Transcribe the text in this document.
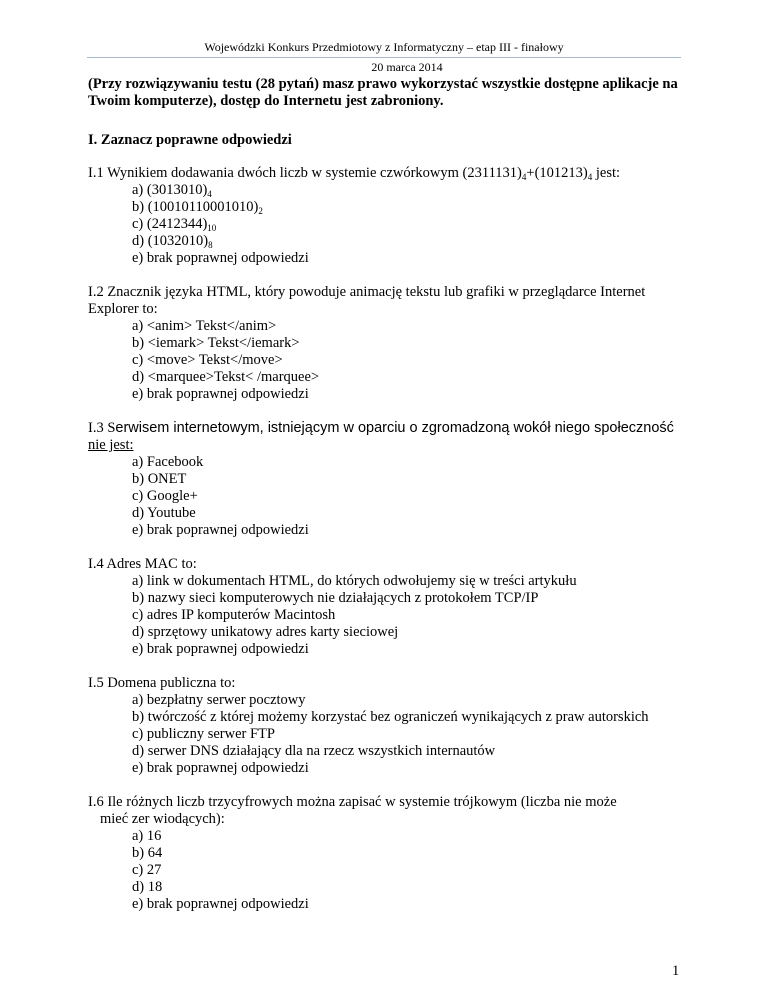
Wojewódzki Konkurs Przedmiotowy z Informatyczny – etap III - finałowy
20 marca 2014

(Przy rozwiązywaniu testu (28 pytań) masz prawo wykorzystać wszystkie dostępne aplikacje na Twoim komputerze), dostęp do Internetu jest zabroniony.

I. Zaznacz poprawne odpowiedzi

I.1 Wynikiem dodawania dwóch liczb w systemie czwórkowym $(2311131)_4+(101213)_4$ jest:

a) $(3013010)_4$
b) $(10010110001010)_2$
c) $(2412344)_{10}$
d) $(1032010)_8$
e) brak poprawnej odpowiedzi

I.2 Znacznik języka HTML, który powoduje animację tekstu lub grafiki w przeglądarce Internet Explorer to:

a) <anim> Tekst</anim>
b) <iemark> Tekst</iemark>
c) <move> Tekst</move>
d) <marquee>Tekst< /marquee>
e) brak poprawnej odpowiedzi

I.3 Serwisem internetowym, istniejącym w oparciu o zgromadzoną wokół niego społeczność nie jest:

a) Facebook
b) ONET
c) Google+
d) Youtube
e) brak poprawnej odpowiedzi

I.4 Adres MAC to:

a) link w dokumentach HTML, do których odwołujemy się w treści artykułu
b) nazwy sieci komputerowych nie działających z protokołem TCP/IP
c) adres IP komputerów Macintosh
d) sprzętowy unikatowy adres karty sieciowej
e) brak poprawnej odpowiedzi

I.5 Domena publiczna to:

a) bezpłatny serwer pocztowy
b) twórczość z której możemy korzystać bez ograniczeń wynikających z praw autorskich
c) publiczny serwer FTP
d) serwer DNS działający dla na rzecz wszystkich internautów
e) brak poprawnej odpowiedzi

I.6 Ile różnych liczb trzycyfrowych można zapisać w systemie trójkowym (liczba nie może
mieć zer wiodących):

a) 16
b) 64
c) 27
d) 18
e) brak poprawnej odpowiedzi
1
